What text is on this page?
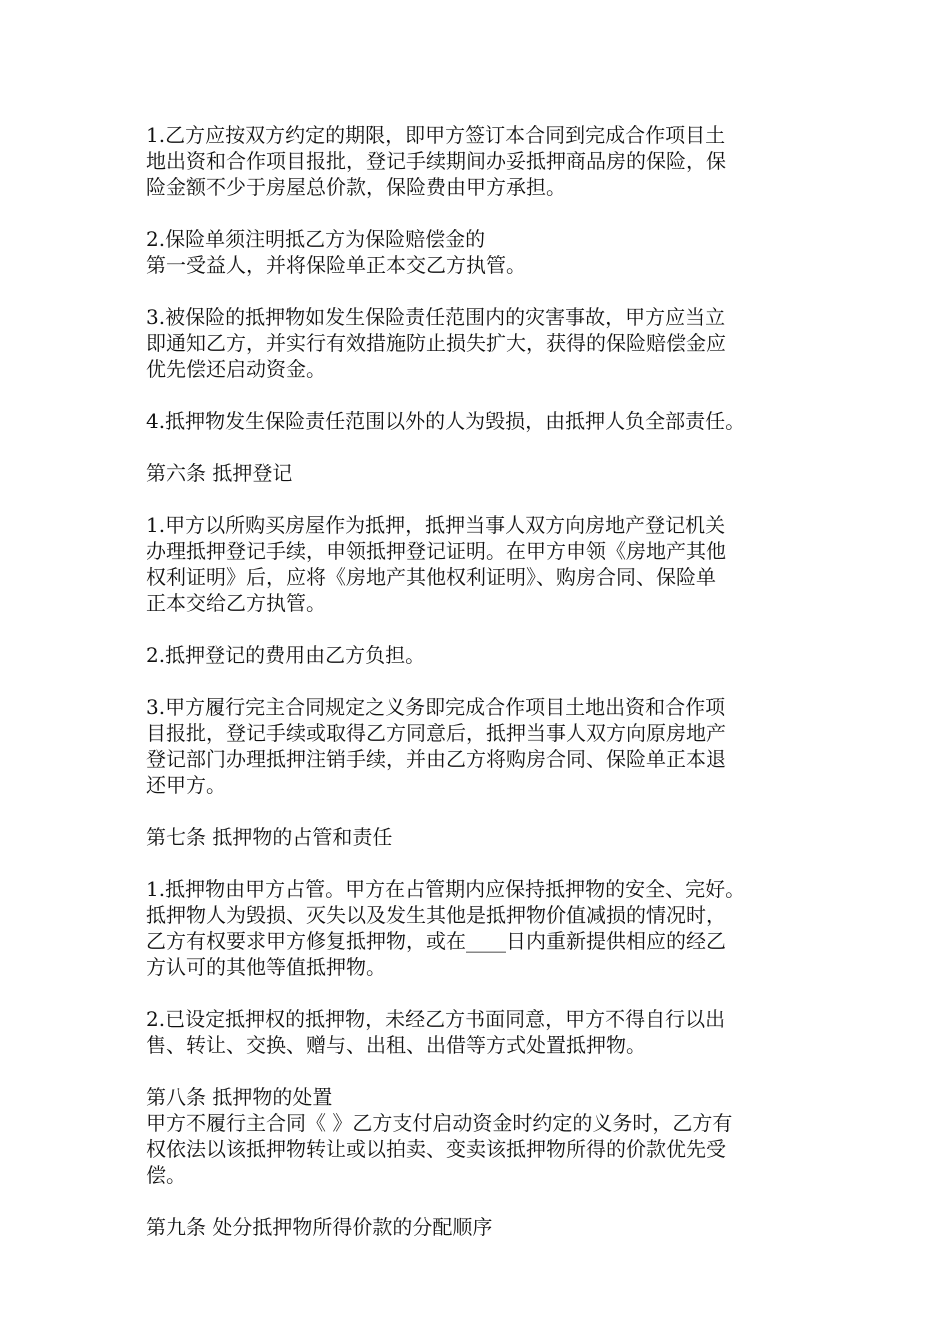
1.乙方应按双方约定的期限，即甲方签订本合同到完成合作项目土
地出资和合作项目报批，登记手续期间办妥抵押商品房的保险，保
险金额不少于房屋总价款，保险费由甲方承担。

2.保险单须注明抵乙方为保险赔偿金的
第一受益人，并将保险单正本交乙方执管。

3.被保险的抵押物如发生保险责任范围内的灾害事故，甲方应当立
即通知乙方，并实行有效措施防止损失扩大，获得的保险赔偿金应
优先偿还启动资金。

4.抵押物发生保险责任范围以外的人为毁损，由抵押人负全部责任。

第六条 抵押登记

1.甲方以所购买房屋作为抵押，抵押当事人双方向房地产登记机关
办理抵押登记手续，申领抵押登记证明。在甲方申领《房地产其他
权利证明》后，应将《房地产其他权利证明》、购房合同、保险单
正本交给乙方执管。

2.抵押登记的费用由乙方负担。

3.甲方履行完主合同规定之义务即完成合作项目土地出资和合作项
目报批，登记手续或取得乙方同意后，抵押当事人双方向原房地产
登记部门办理抵押注销手续，并由乙方将购房合同、保险单正本退
还甲方。

第七条 抵押物的占管和责任

1.抵押物由甲方占管。甲方在占管期内应保持抵押物的安全、完好。
抵押物人为毁损、灭失以及发生其他是抵押物价值减损的情况时，
乙方有权要求甲方修复抵押物，或在____日内重新提供相应的经乙
方认可的其他等值抵押物。

2.已设定抵押权的抵押物，未经乙方书面同意，甲方不得自行以出
售、转让、交换、赠与、出租、出借等方式处置抵押物。

第八条 抵押物的处置

甲方不履行主合同《 》乙方支付启动资金时约定的义务时，乙方有
权依法以该抵押物转让或以拍卖、变卖该抵押物所得的价款优先受
偿。

第九条 处分抵押物所得价款的分配顺序
